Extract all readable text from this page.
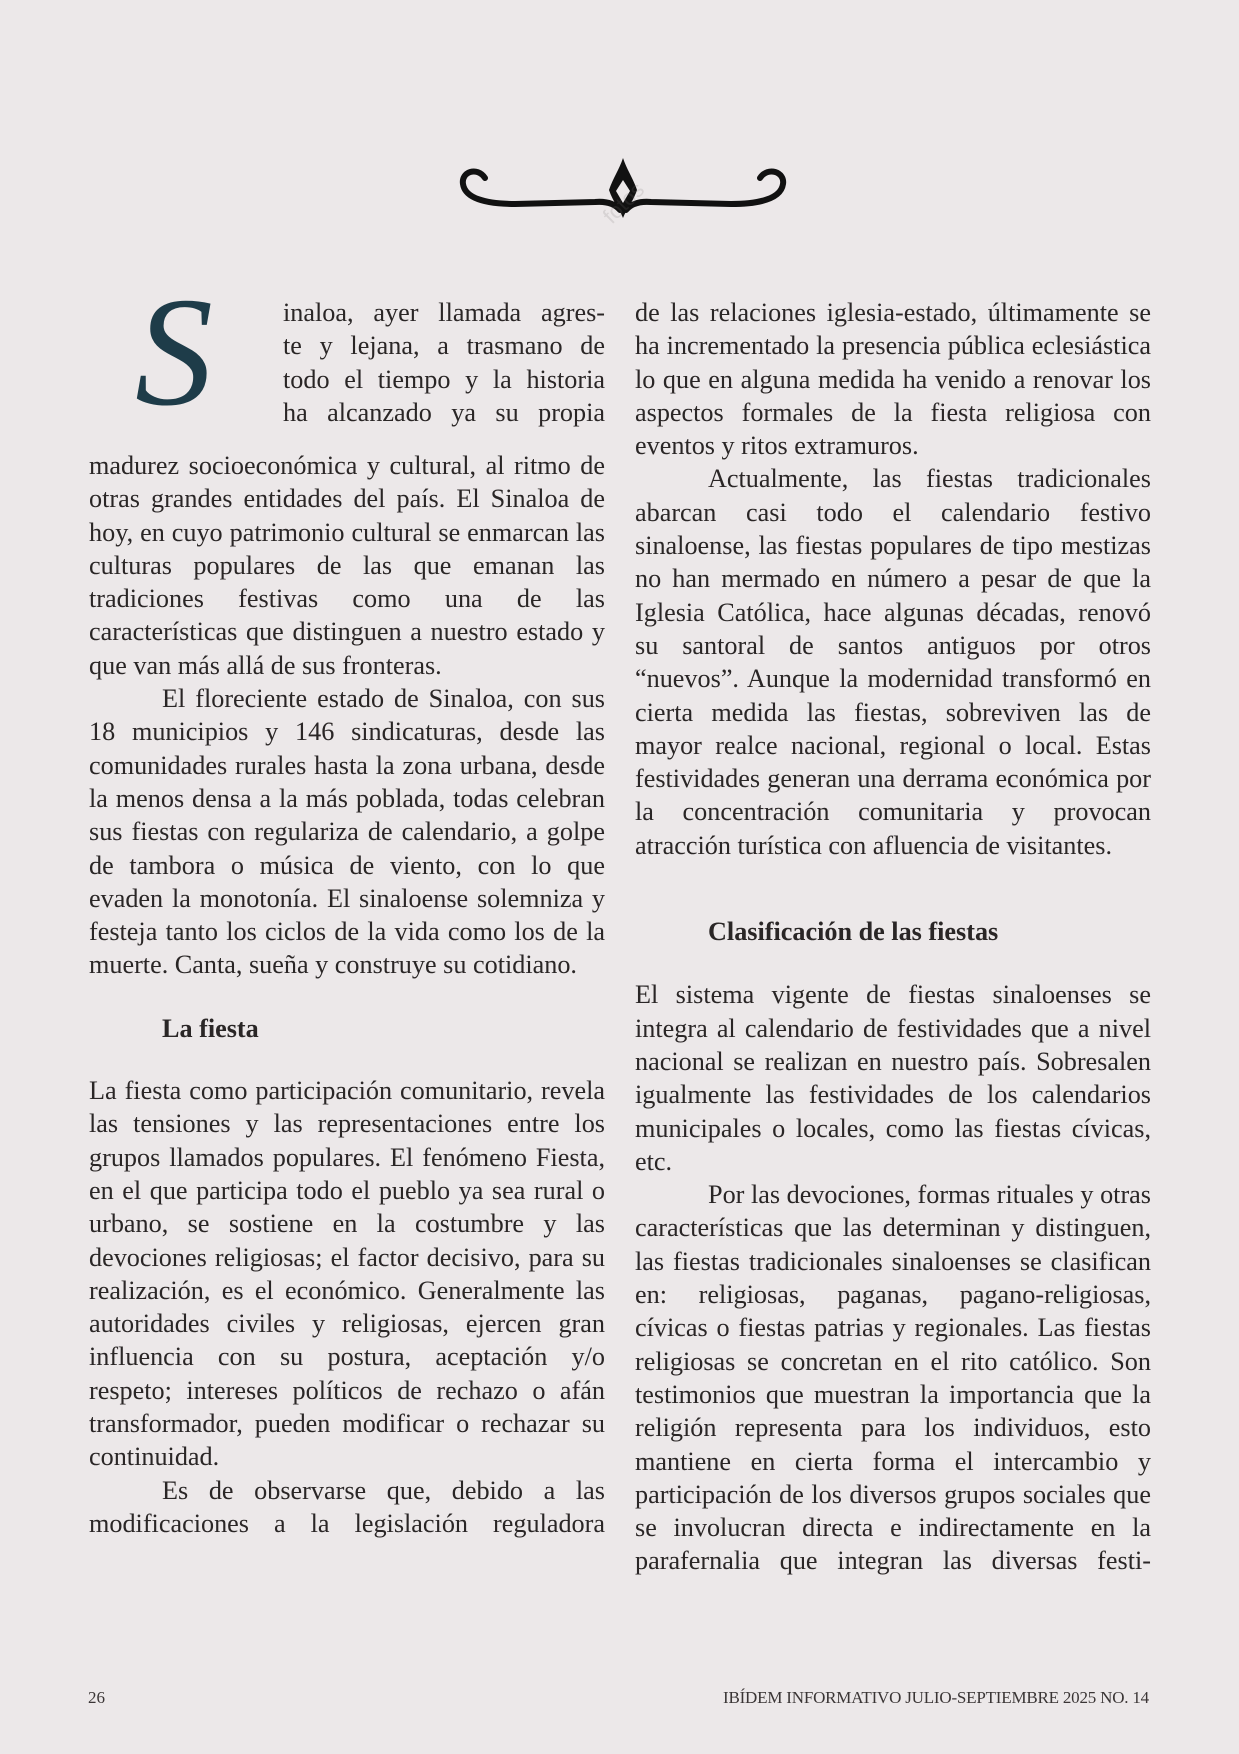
fotos
S	inaloa, ayer llamada agres-
te y lejana, a trasmano de
todo el tiempo y la historia
ha alcanzado ya su propia

madurez socioeconómica y cultural, al ritmo de otras grandes entidades del país. El Sinaloa de hoy, en cuyo patrimonio cultural se enmarcan las culturas populares de las que emanan las tradiciones festivas como una de las características que distinguen a nuestro estado y que van más allá de sus fronteras.

El floreciente estado de Sinaloa, con sus 18 municipios y 146 sindicaturas, desde las comunidades rurales hasta la zona urbana, desde la menos densa a la más poblada, todas celebran sus fiestas con regulariza de calendario, a golpe de tambora o música de viento, con lo que evaden la monotonía. El sinaloense solemniza y festeja tanto los ciclos de la vida como los de la muerte. Canta, sueña y construye su cotidiano.

La fiesta

La fiesta como participación comunitario, revela las tensiones y las representaciones entre los grupos llamados populares. El fenómeno Fiesta, en el que participa todo el pueblo ya sea rural o urbano, se sostiene en la costumbre y las devociones religiosas; el factor decisivo, para su realización, es el económico. Generalmente las autoridades civiles y religiosas, ejercen gran influencia con su postura, aceptación y/o respeto; intereses políticos de rechazo o afán transformador, pueden modificar o rechazar su continuidad.

Es de observarse que, debido a las modificaciones a la legislación reguladora

de las relaciones iglesia-estado, últimamente se ha incrementado la presencia pública eclesiástica lo que en alguna medida ha venido a renovar los aspectos formales de la fiesta religiosa con eventos y ritos extramuros.

Actualmente, las fiestas tradicionales abarcan casi todo el calendario festivo sinaloense, las fiestas populares de tipo mestizas no han mermado en número a pesar de que la Iglesia Católica, hace algunas décadas, renovó su santoral de santos antiguos por otros “nuevos”. Aunque la modernidad transformó en cierta medida las fiestas, sobreviven las de mayor realce nacional, regional o local. Estas festividades generan una derrama económica por la concentración comunitaria y provocan atracción turística con afluencia de visitantes.

Clasificación de las fiestas

El sistema vigente de fiestas sinaloenses se integra al calendario de festividades que a nivel nacional se realizan en nuestro país. Sobresalen igualmente las festividades de los calendarios municipales o locales, como las fiestas cívicas, etc.

Por las devociones, formas rituales y otras características que las determinan y distinguen, las fiestas tradicionales sinaloenses se clasifican en: religiosas, paganas, pagano-religiosas, cívicas o fiestas patrias y regionales. Las fiestas religiosas se concretan en el rito católico. Son testimonios que muestran la importancia que la religión representa para los individuos, esto mantiene en cierta forma el intercambio y participación de los diversos grupos sociales que se involucran directa e indirectamente en la parafernalia que integran las diversas festi-

26	IBÍDEM INFORMATIVO JULIO-SEPTIEMBRE 2025 NO. 14
